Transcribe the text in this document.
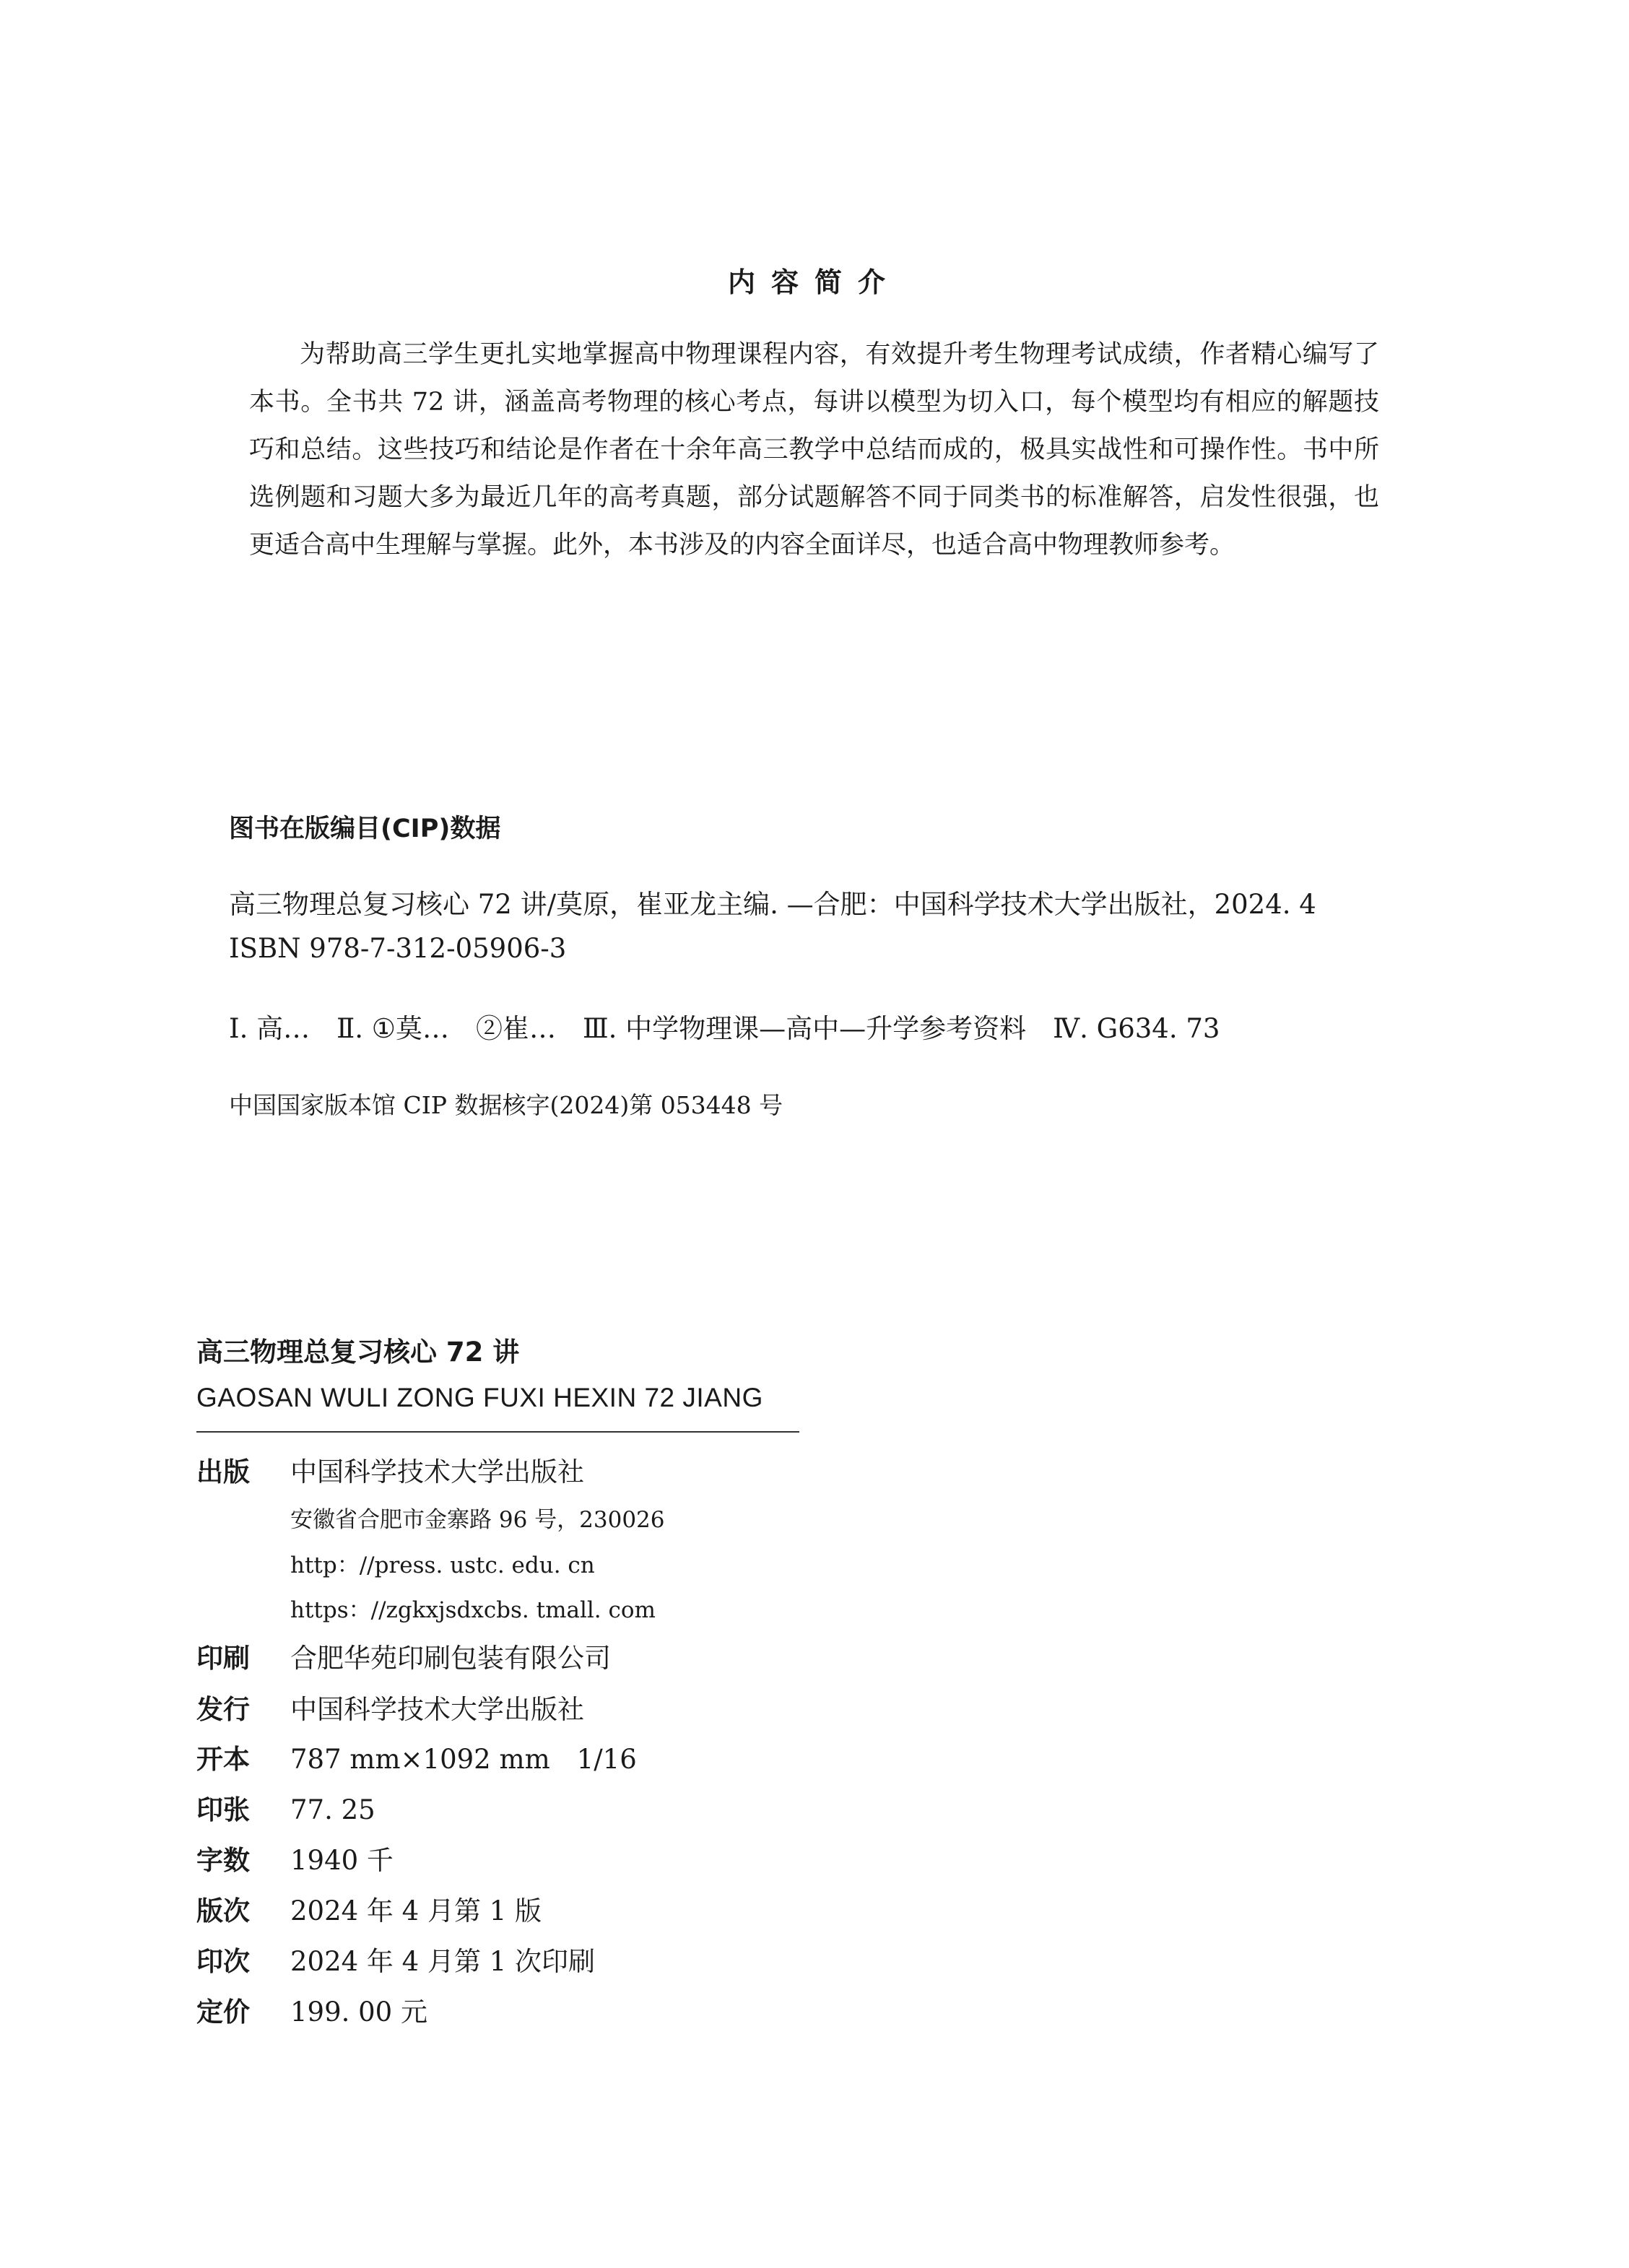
内容简介

为帮助高三学生更扎实地掌握高中物理课程内容，有效提升考生物理考试成绩，作者精心编写了本书。全书共 72 讲，涵盖高考物理的核心考点，每讲以模型为切入口，每个模型均有相应的解题技巧和总结。这些技巧和结论是作者在十余年高三教学中总结而成的，极具实战性和可操作性。书中所选例题和习题大多为最近几年的高考真题，部分试题解答不同于同类书的标准解答，启发性很强，也更适合高中生理解与掌握。此外，本书涉及的内容全面详尽，也适合高中物理教师参考。

图书在版编目(CIP)数据
高三物理总复习核心 72 讲/莫原，崔亚龙主编. —合肥：中国科学技术大学出版社，2024. 4
ISBN 978-7-312-05906-3
Ⅰ. 高…　Ⅱ. ①莫…　②崔…　Ⅲ. 中学物理课—高中—升学参考资料　Ⅳ. G634. 73
中国国家版本馆 CIP 数据核字(2024)第 053448 号
高三物理总复习核心 72 讲
GAOSAN WULI ZONG FUXI HEXIN 72 JIANG
出版	中国科学技术大学出版社
安徽省合肥市金寨路 96 号，230026
http：//press. ustc. edu. cn
https：//zgkxjsdxcbs. tmall. com
印刷	合肥华苑印刷包装有限公司
发行	中国科学技术大学出版社
开本	787 mm×1092 mm　1/16
印张	77. 25
字数	1940 千
版次	2024 年 4 月第 1 版
印次	2024 年 4 月第 1 次印刷
定价	199. 00 元
